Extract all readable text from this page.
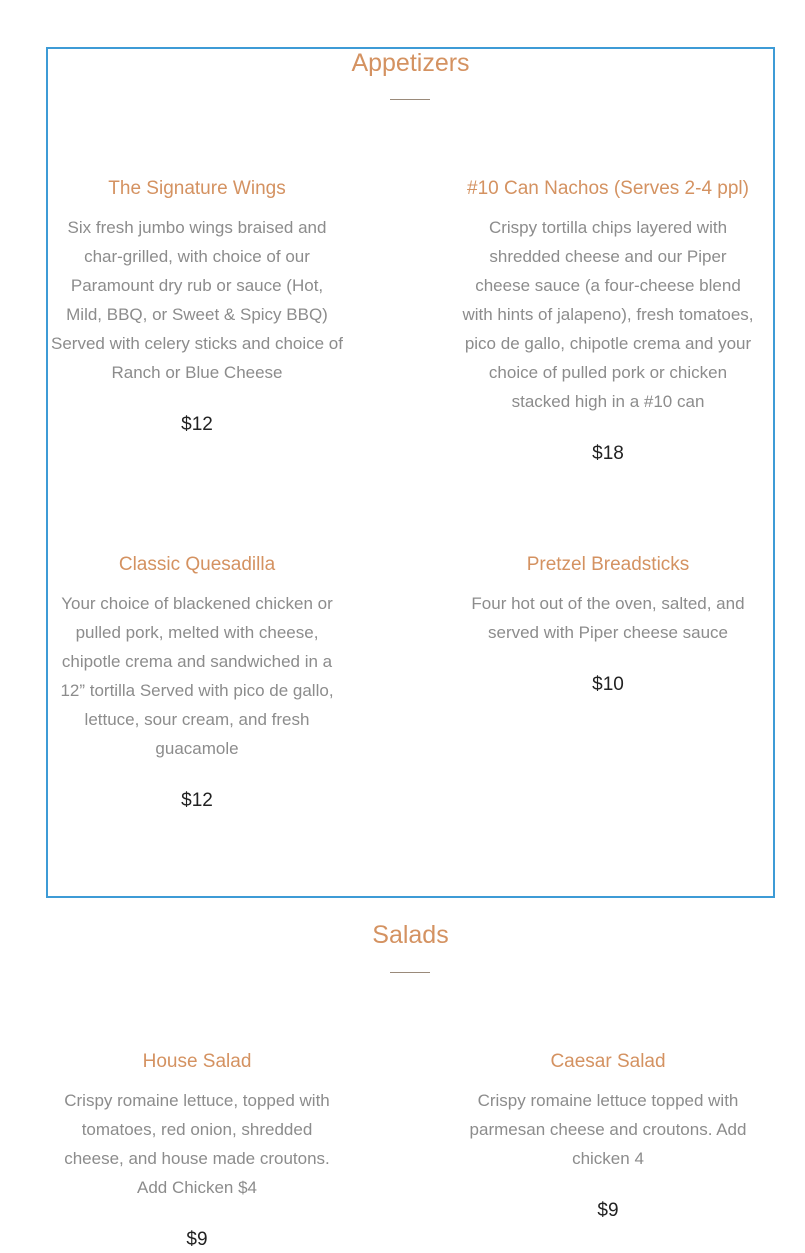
Appetizers
The Signature Wings

Six fresh jumbo wings braised and char-grilled, with choice of our Paramount dry rub or sauce (Hot, Mild, BBQ, or Sweet & Spicy BBQ) Served with celery sticks and choice of Ranch or Blue Cheese

$12
#10 Can Nachos (Serves 2-4 ppl)

Crispy tortilla chips layered with shredded cheese and our Piper cheese sauce (a four-cheese blend with hints of jalapeno), fresh tomatoes, pico de gallo, chipotle crema and your choice of pulled pork or chicken stacked high in a #10 can

$18
Classic Quesadilla

Your choice of blackened chicken or pulled pork, melted with cheese, chipotle crema and sandwiched in a 12” tortilla Served with pico de gallo, lettuce, sour cream, and fresh guacamole

$12
Pretzel Breadsticks

Four hot out of the oven, salted, and served with Piper cheese sauce

$10
Salads
House Salad

Crispy romaine lettuce, topped with tomatoes, red onion, shredded cheese, and house made croutons. Add Chicken $4

$9
Caesar Salad

Crispy romaine lettuce topped with parmesan cheese and croutons. Add chicken 4

$9
